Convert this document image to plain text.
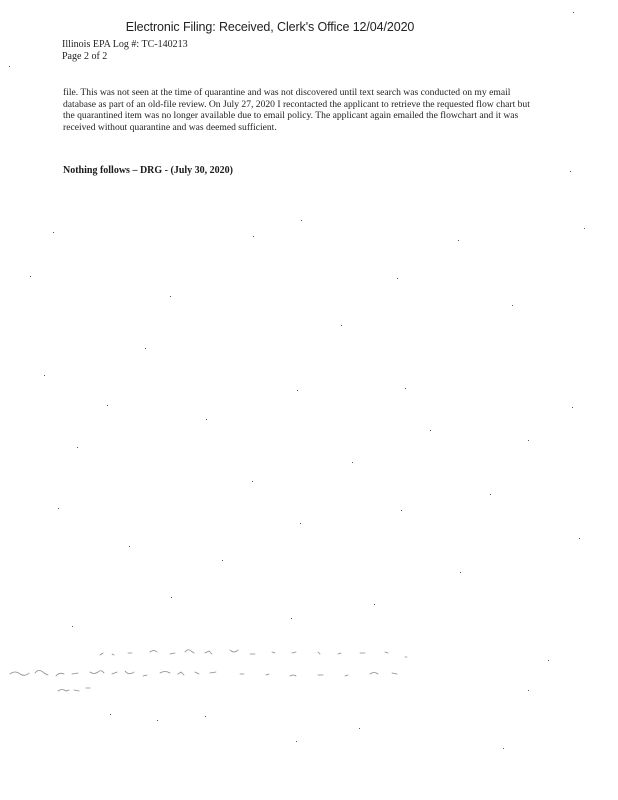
Electronic Filing: Received, Clerk's Office 12/04/2020
Illinois EPA Log #: TC-140213
Page 2 of 2
file. This was not seen at the time of quarantine and was not discovered until text search was conducted on my email database as part of an old-file review. On July 27, 2020 I recontacted the applicant to retrieve the requested flow chart but the quarantined item was no longer available due to email policy. The applicant again emailed the flowchart and it was received without quarantine and was deemed sufficient.
Nothing follows – DRG - (July 30, 2020)
